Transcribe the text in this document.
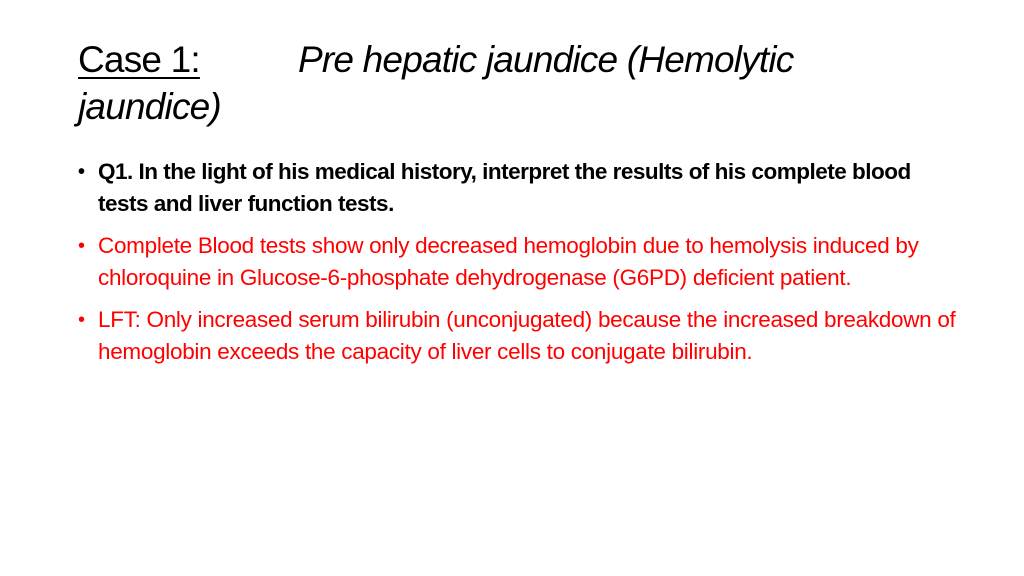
Case 1:	Pre hepatic jaundice (Hemolytic
jaundice)
• Q1. In the light of his medical history, interpret the results of his complete blood tests and liver function tests.
• Complete Blood tests show only decreased hemoglobin due to hemolysis induced by chloroquine in Glucose-6-phosphate dehydrogenase (G6PD) deficient patient.
• LFT: Only increased serum bilirubin (unconjugated) because the increased breakdown of hemoglobin exceeds the capacity of liver cells to conjugate bilirubin.
